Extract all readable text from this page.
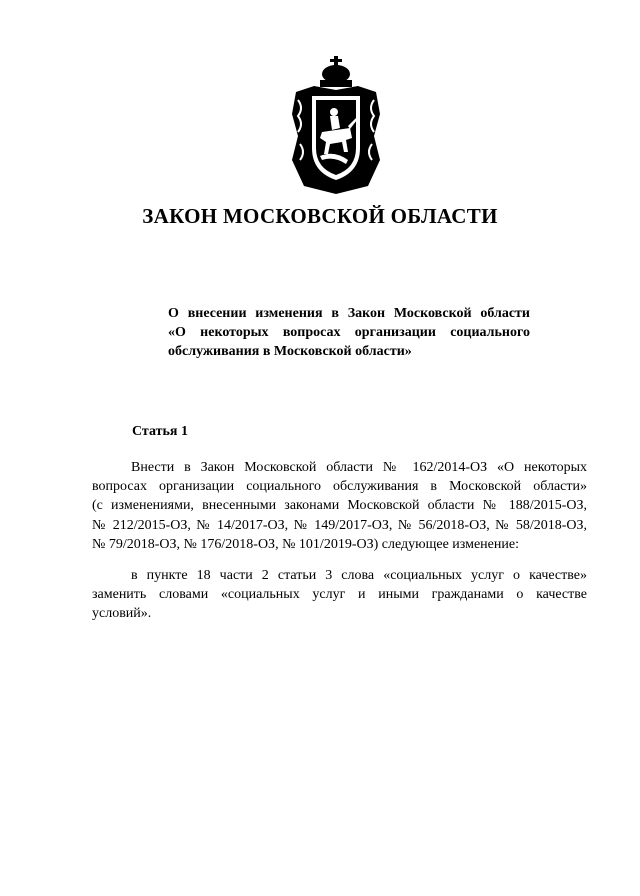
ЗАКОН МОСКОВСКОЙ ОБЛАСТИ
О внесении изменения в Закон Московской области
«О некоторых вопросах организации социального
обслуживания в Московской области»
Статья 1
Внести в Закон Московской области № 162/2014-ОЗ «О некоторых
вопросах организации социального обслуживания в Московской области»
(с изменениями, внесенными законами Московской области № 188/2015-ОЗ,
№ 212/2015-ОЗ, № 14/2017-ОЗ, № 149/2017-ОЗ, № 56/2018-ОЗ, № 58/2018-ОЗ,
№ 79/2018-ОЗ, № 176/2018-ОЗ, № 101/2019-ОЗ) следующее изменение:
в пункте 18 части 2 статьи 3 слова «социальных услуг о качестве»
заменить словами «социальных услуг и иными гражданами о качестве
условий».
